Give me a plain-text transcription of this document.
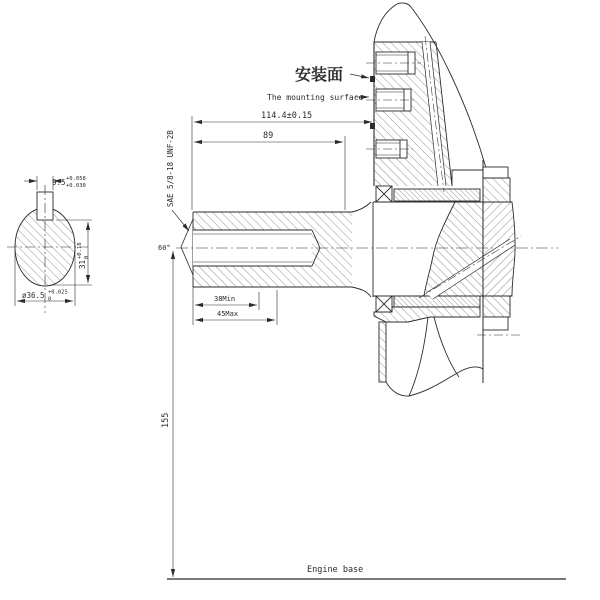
9.5+0.058 +0.030
31+0.180
ø36.5 +0.025 0
60°
114.4±0.15
89
38Min
45Max
155
SAE 5/8-18 UNF-2B
安装面
The mounting surface
Engine base
